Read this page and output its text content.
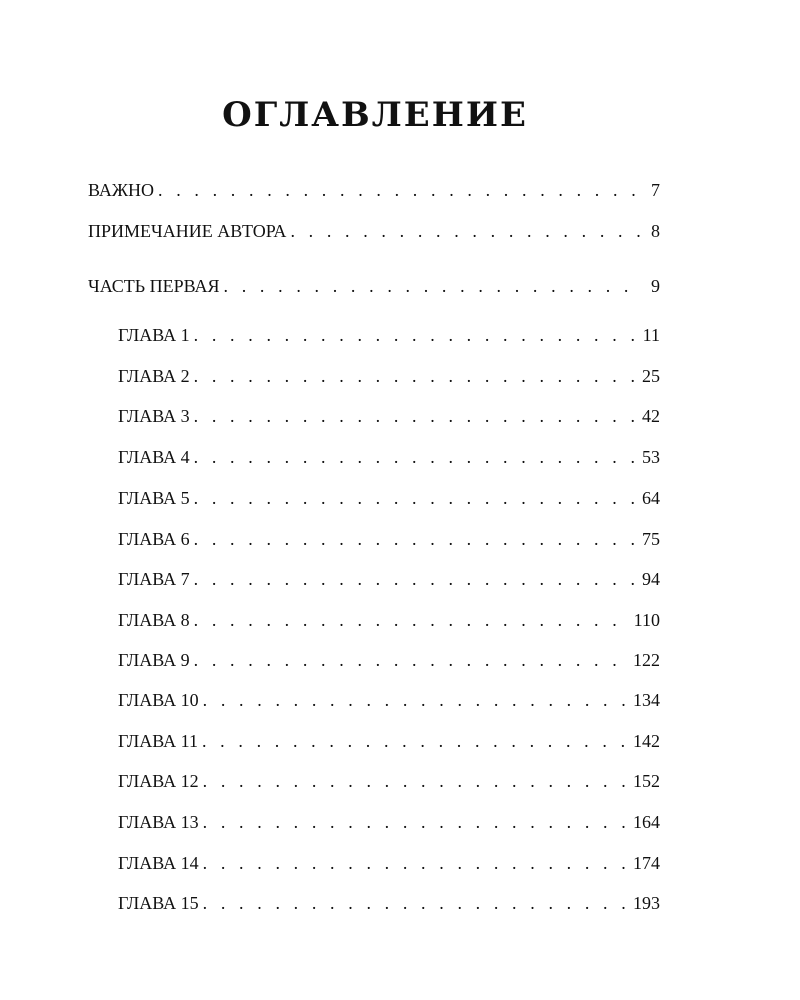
ОГЛАВЛЕНИЕ
ВАЖНО . . .	7
ПРИМЕЧАНИЕ АВТОРА . . .	8
ЧАСТЬ ПЕРВАЯ . . .	9
ГЛАВА 1 . . .	11
ГЛАВА 2 . . .	25
ГЛАВА 3 . . .	42
ГЛАВА 4 . . .	53
ГЛАВА 5 . . .	64
ГЛАВА 6 . . .	75
ГЛАВА 7 . . .	94
ГЛАВА 8 . . .	110
ГЛАВА 9 . . .	122
ГЛАВА 10 . . .	134
ГЛАВА 11 . . .	142
ГЛАВА 12 . . .	152
ГЛАВА 13 . . .	164
ГЛАВА 14 . . .	174
ГЛАВА 15 . . .	193
